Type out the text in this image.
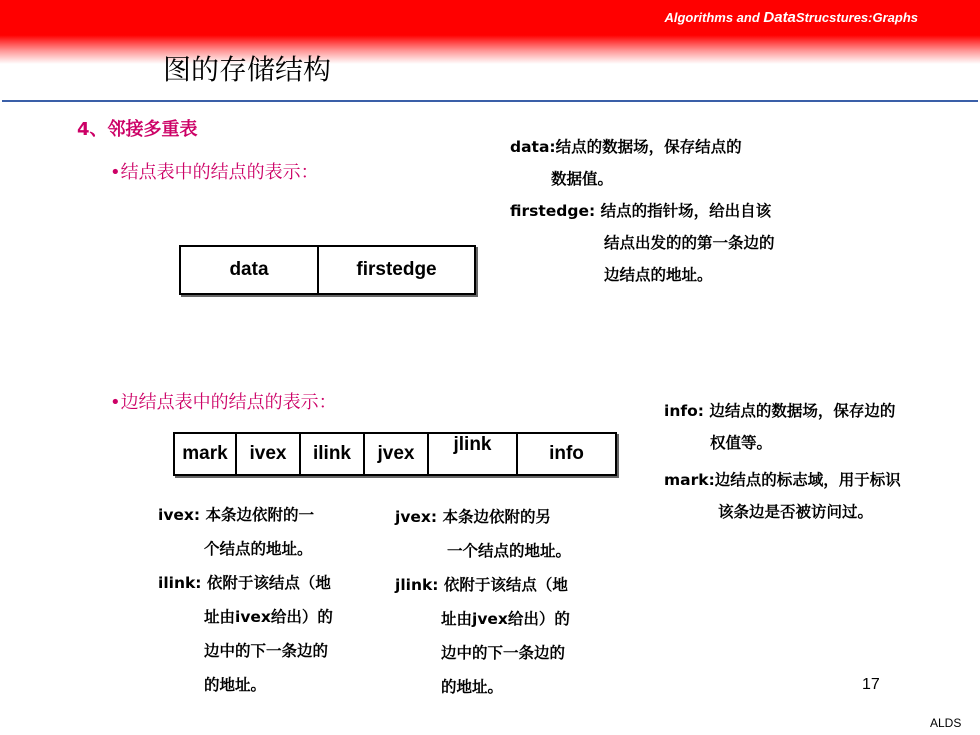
Algorithms and DataStrucstures:Graphs
图的存储结构
4、邻接多重表
•结点表中的结点的表示：
data:结点的数据场，保存结点的
数据值。
firstedge: 结点的指针场，给出自该
结点出发的的第一条边的
边结点的地址。
data	firstedge
•边结点表中的结点的表示：	info: 边结点的数据场，保存边的
权值等。
mark:边结点的标志域，用于标识
该条边是否被访问过。
mark	ivex	ilink	jvex	jlink	info
ivex: 本条边依附的一
个结点的地址。
ilink: 依附于该结点（地
址由ivex给出）的
边中的下一条边的
的地址。
jvex: 本条边依附的另
一个结点的地址。
jlink: 依附于该结点（地
址由jvex给出）的
边中的下一条边的
的地址。	17
ALDS
